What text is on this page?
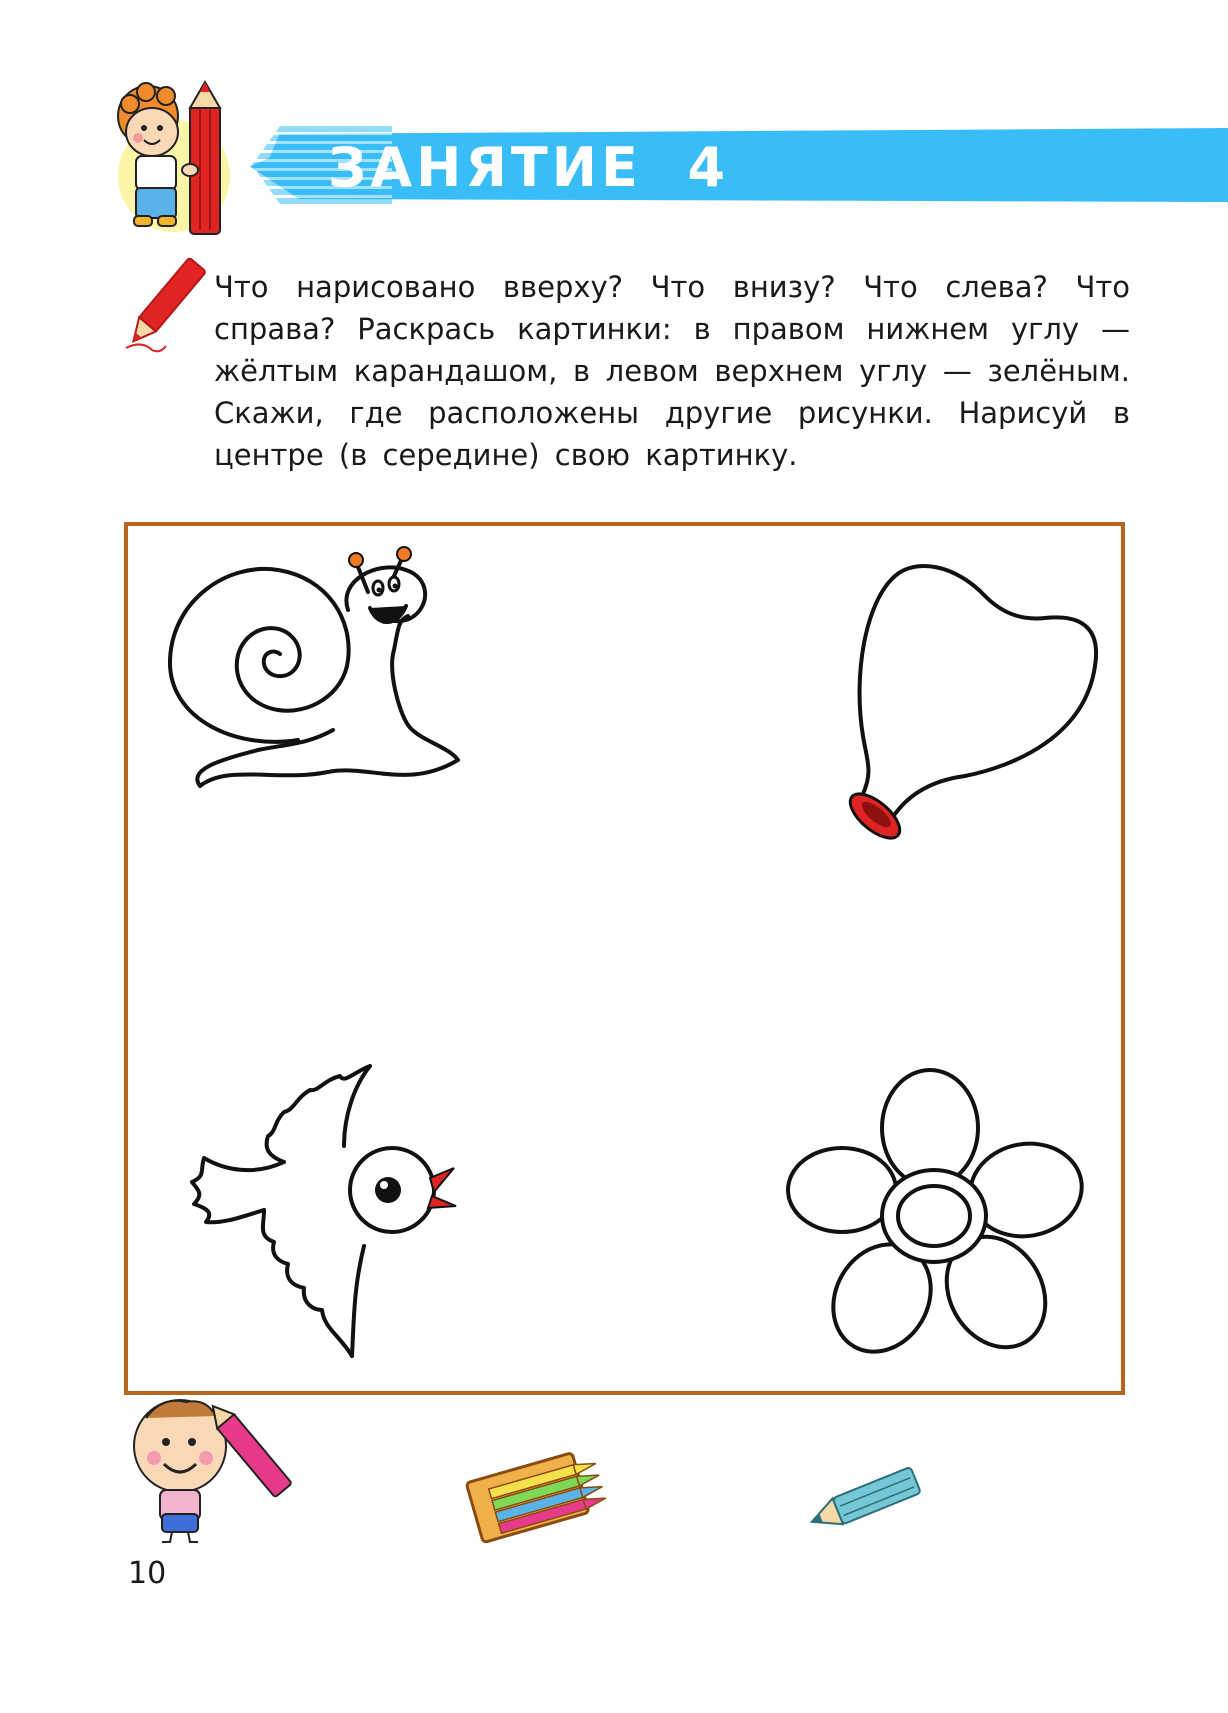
ЗАНЯТИЕ  4
Что нарисовано вверху? Что внизу? Что слева? Что
справа? Раскрась картинки: в правом нижнем углу —
жёлтым карандашом, в левом верхнем углу — зелёным.
Скажи, где расположены другие рисунки. Нарисуй в
центре (в середине) свою картинку.
10
